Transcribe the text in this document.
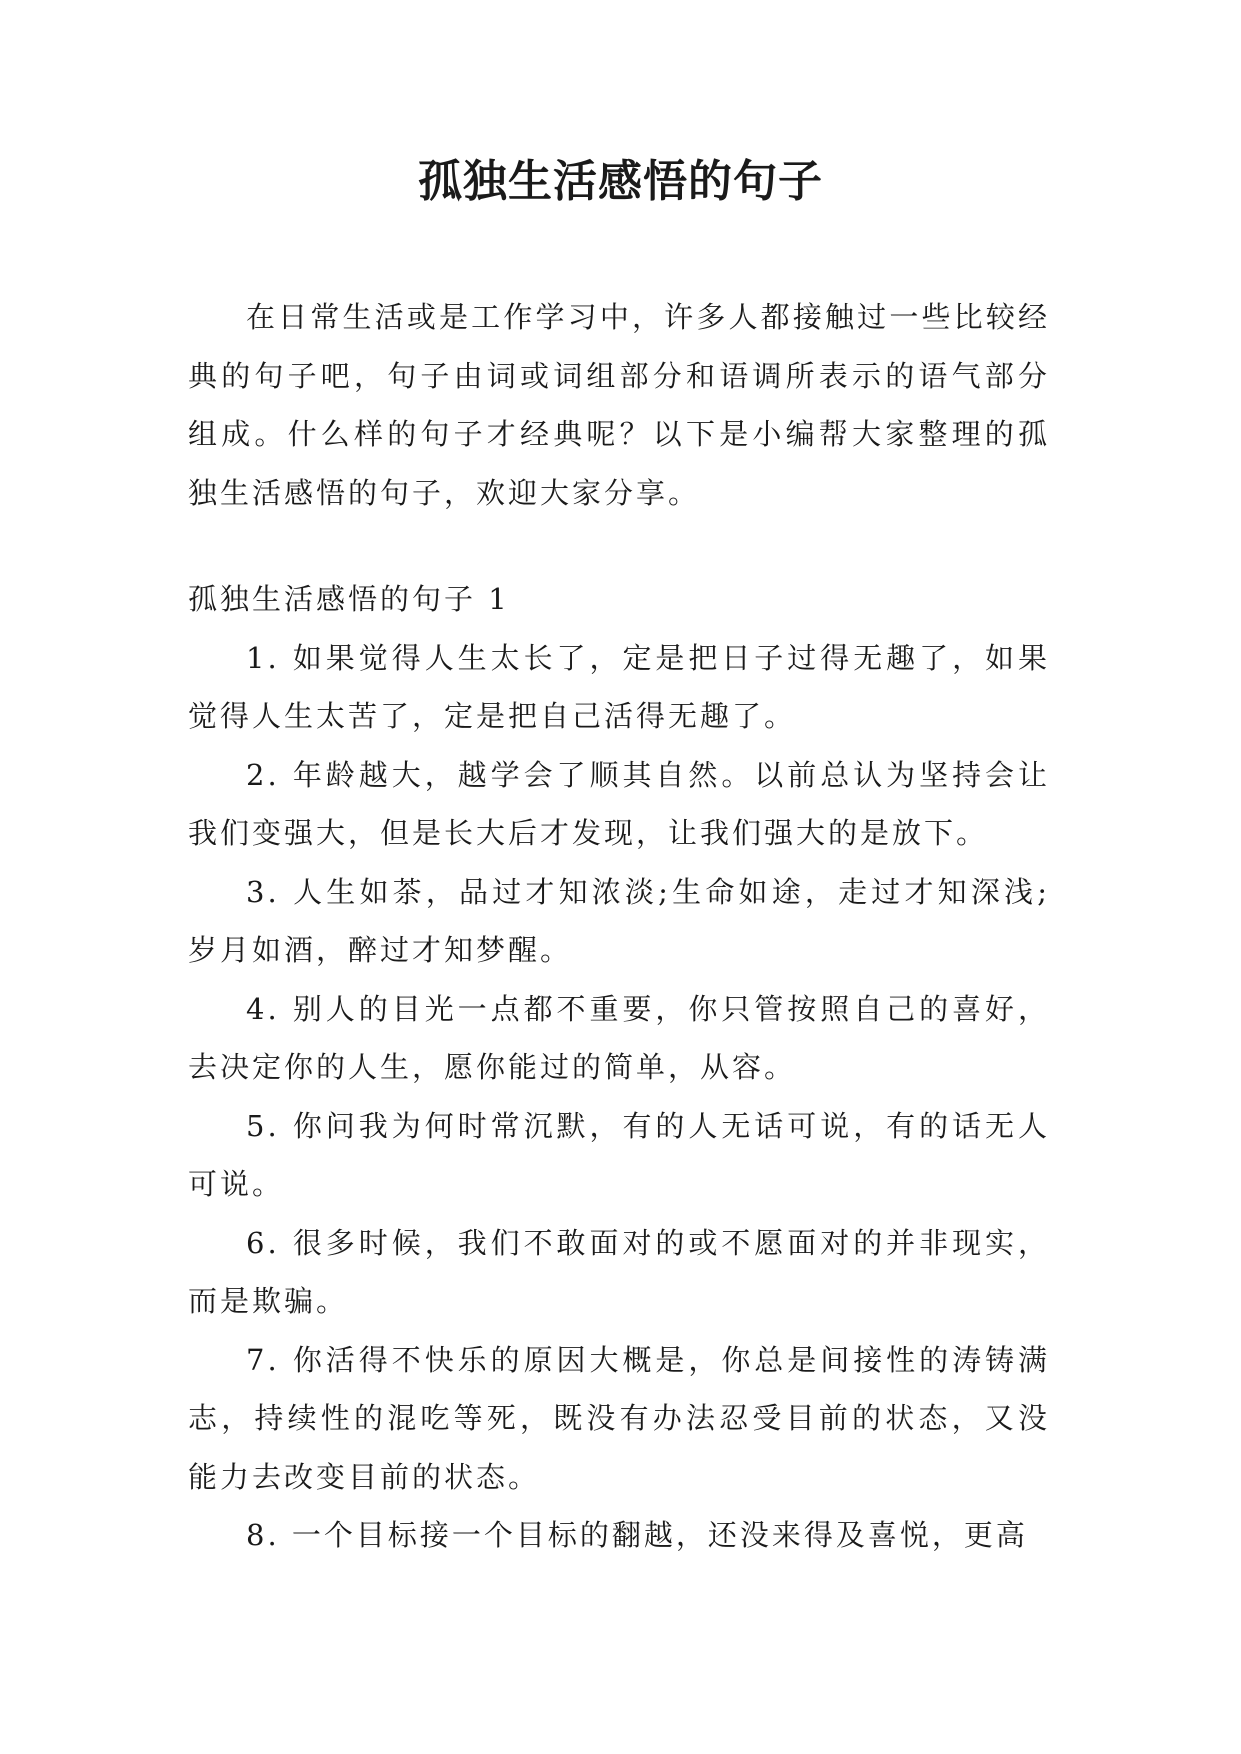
孤独生活感悟的句子

在日常生活或是工作学习中，许多人都接触过一些比较经典的句子吧，句子由词或词组部分和语调所表示的语气部分组成。什么样的句子才经典呢？以下是小编帮大家整理的孤独生活感悟的句子，欢迎大家分享。

孤独生活感悟的句子 1

1. 如果觉得人生太长了，定是把日子过得无趣了，如果觉得人生太苦了，定是把自己活得无趣了。

2. 年龄越大，越学会了顺其自然。以前总认为坚持会让我们变强大，但是长大后才发现，让我们强大的是放下。

3. 人生如茶，品过才知浓淡;生命如途，走过才知深浅;岁月如酒，醉过才知梦醒。

4. 别人的目光一点都不重要，你只管按照自己的喜好，去决定你的人生，愿你能过的简单，从容。

5. 你问我为何时常沉默，有的人无话可说，有的话无人可说。

6. 很多时候，我们不敢面对的或不愿面对的并非现实，而是欺骗。

7. 你活得不快乐的原因大概是，你总是间接性的涛铸满志，持续性的混吃等死，既没有办法忍受目前的状态，又没能力去改变目前的状态。

8. 一个目标接一个目标的翻越，还没来得及喜悦，更高
